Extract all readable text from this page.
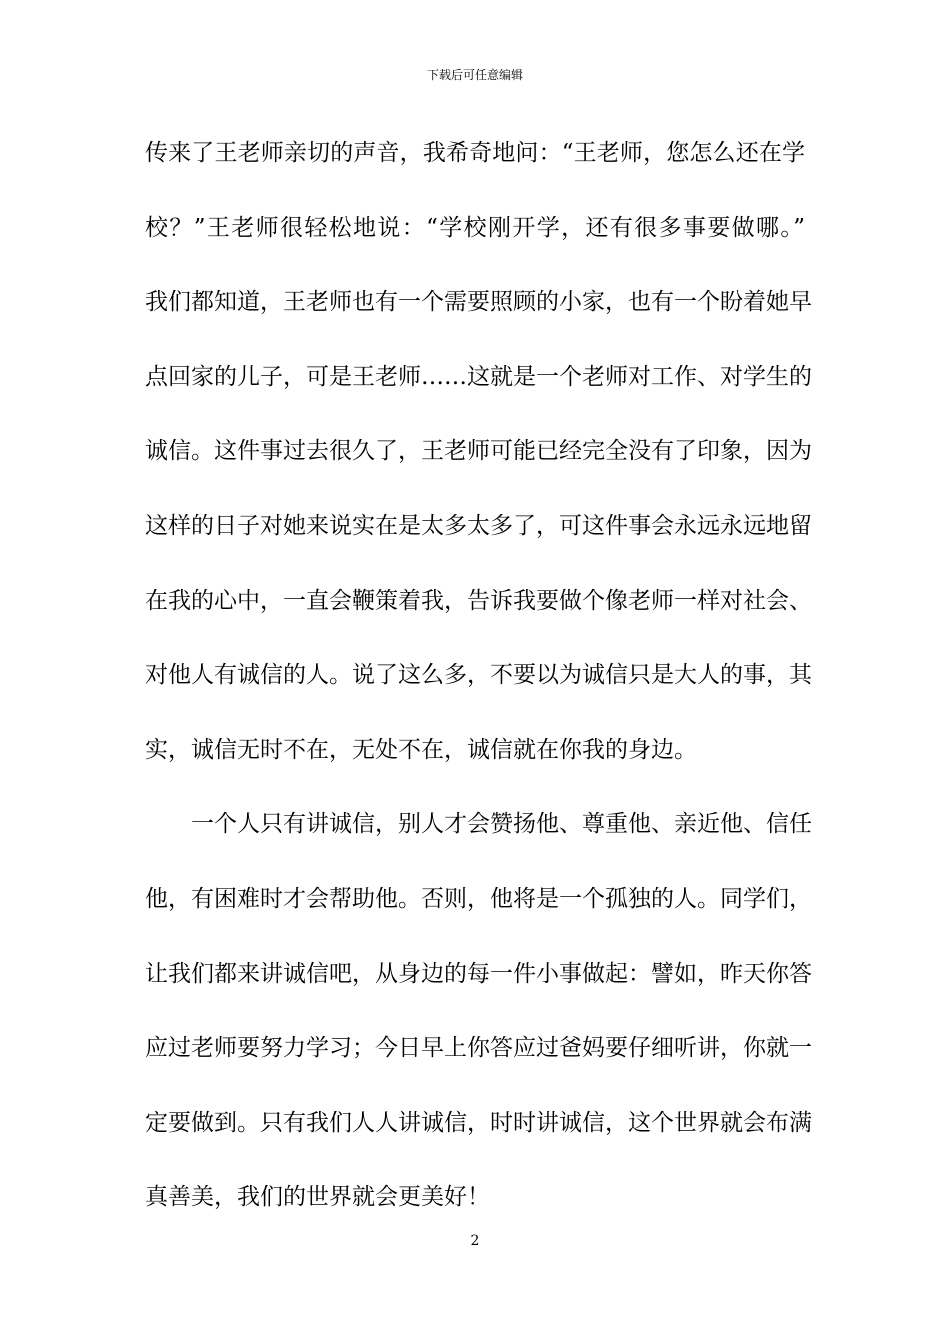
下载后可任意编辑
传来了王老师亲切的声音，我希奇地问：“王老师，您怎么还在学
校？”王老师很轻松地说：“学校刚开学，还有很多事要做哪。”
我们都知道，王老师也有一个需要照顾的小家，也有一个盼着她早
点回家的儿子，可是王老师……这就是一个老师对工作、对学生的
诚信。这件事过去很久了，王老师可能已经完全没有了印象，因为
这样的日子对她来说实在是太多太多了，可这件事会永远永远地留
在我的心中，一直会鞭策着我，告诉我要做个像老师一样对社会、
对他人有诚信的人。说了这么多，不要以为诚信只是大人的事，其
实，诚信无时不在，无处不在，诚信就在你我的身边。
一个人只有讲诚信，别人才会赞扬他、尊重他、亲近他、信任
他，有困难时才会帮助他。否则，他将是一个孤独的人。同学们，
让我们都来讲诚信吧，从身边的每一件小事做起：譬如，昨天你答
应过老师要努力学习；今日早上你答应过爸妈要仔细听讲，你就一
定要做到。只有我们人人讲诚信，时时讲诚信，这个世界就会布满
真善美，我们的世界就会更美好！
2
